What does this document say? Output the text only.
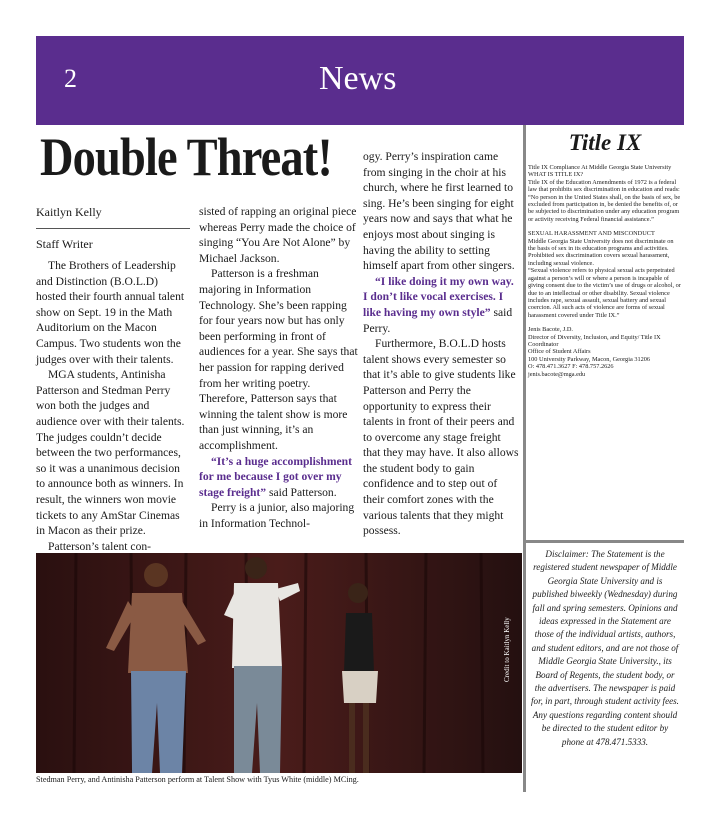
2	News
Double Threat!
Kaitlyn Kelly
Staff Writer

The Brothers of Leadership and Distinction (B.O.L.D) hosted their fourth annual talent show on Sept. 19 in the Math Auditorium on the Macon Campus. Two students won the judges over with their talents.

MGA students, Antinisha Patterson and Stedman Perry won both the judges and audience over with their talents. The judges couldn’t decide between the two performances, so it was a unanimous decision to announce both as winners. In result, the winners won movie tickets to any AmStar Cinemas in Macon as their prize.

Patterson’s talent con-

sisted of rapping an original piece whereas Perry made the choice of singing “You Are Not Alone” by Michael Jackson.

Patterson is a freshman majoring in Information Technology. She’s been rapping for four years now but has only been performing in front of audiences for a year. She says that her passion for rapping derived from her writing poetry. Therefore, Patterson says that winning the talent show is more than just winning, it’s an accomplishment.

“It’s a huge accomplishment for me because I got over my stage freight” said Patterson.

Perry is a junior, also majoring in Information Technol-

ogy. Perry’s inspiration came from singing in the choir at his church, where he first learned to sing. He’s been singing for eight years now and says that what he enjoys most about singing is having the ability to setting himself apart from other singers.

“I like doing it my own way. I don’t like vocal exercises. I like having my own style” said Perry.

Furthermore, B.O.L.D hosts talent shows every semester so that it’s able to give students like Patterson and Perry the opportunity to express their talents in front of their peers and to overcome any stage freight that they may have. It also allows the student body to gain confidence and to step out of their comfort zones with the various talents that they might possess.

Title IX

Title IX Compliance At Middle Georgia State University

WHAT IS TITLE IX?

Title IX of the Education Amendments of 1972 is a federal law that prohibits sex discrimination in education and reads:

“No person in the United States shall, on the basis of sex, be excluded from participation in, be denied the benefits of, or be subjected to discrimination under any education program or activity receiving Federal financial assistance.”

SEXUAL HARASSMENT AND MISCONDUCT

Middle Georgia State University does not discriminate on the basis of sex in its education programs and activities. Prohibited sex discrimination covers sexual harassment, including sexual violence.

“Sexual violence refers to physical sexual acts perpetrated against a person’s will or where a person is incapable of giving consent due to the victim’s use of drugs or alcohol, or due to an intellectual or other disability. Sexual violence includes rape, sexual assault, sexual battery and sexual coercion. All such acts of violence are forms of sexual harassment covered under Title IX.”

Jenis Bacote, J.D.

Director of Diversity, Inclusion, and Equity/ Title IX Coordinator

Office of Student Affairs

100 University Parkway, Macon, Georgia 31206

O: 478.471.3627 F: 478.757.2626

jenis.bacote@mga.edu

Disclaimer: The Statement is the registered student newspaper of Middle Georgia State University and is published biweekly (Wednesday) during fall and spring semesters. Opinions and ideas expressed in the Statement are those of the individual artists, authors, and student editors, and are not those of Middle Georgia State University., its Board of Regents, the student body, or the advertisers. The newspaper is paid for, in part, through student activity fees. Any questions regarding content should be directed to the student editor by phone at 478.471.5333.
Credit to Kaitlyn Kelly
Stedman Perry, and Antinisha Patterson perform at Talent Show with Tyus White (middle) MCing.
